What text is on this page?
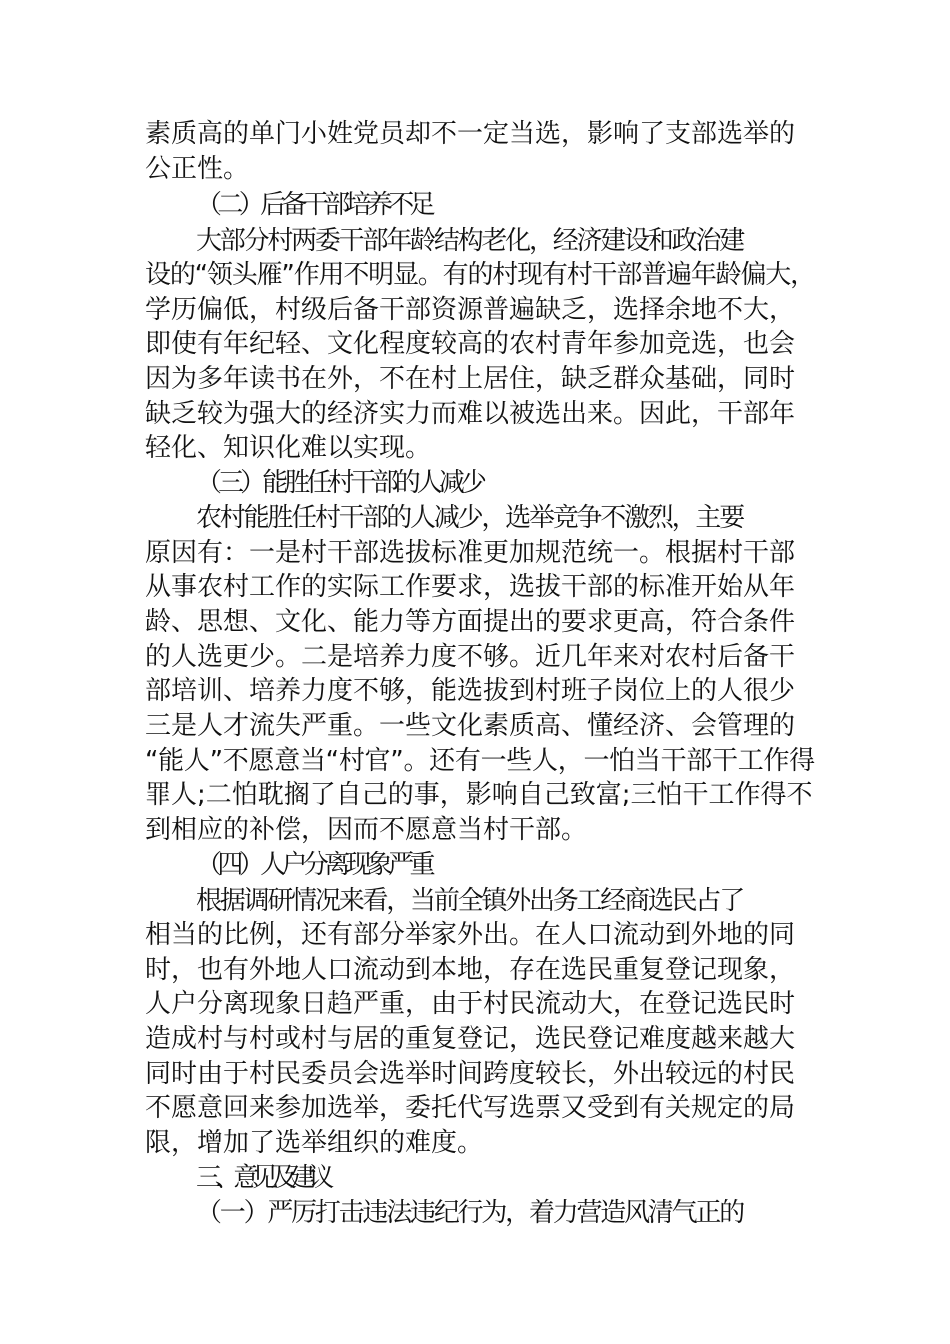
素质高的单门小姓党员却不一定当选，影响了支部选举的
公正性。
（二）后备干部培养不足
大部分村两委干部年龄结构老化，经济建设和政治建
设的“领头雁”作用不明显。有的村现有村干部普遍年龄偏大，
学历偏低，村级后备干部资源普遍缺乏，选择余地不大，
即使有年纪轻、文化程度较高的农村青年参加竞选，也会
因为多年读书在外，不在村上居住，缺乏群众基础，同时
缺乏较为强大的经济实力而难以被选出来。因此，干部年
轻化、知识化难以实现。
（三）能胜任村干部的人减少
农村能胜任村干部的人减少，选举竞争不激烈，主要
原因有：一是村干部选拔标准更加规范统一。根据村干部
从事农村工作的实际工作要求，选拔干部的标准开始从年
龄、思想、文化、能力等方面提出的要求更高，符合条件
的人选更少。二是培养力度不够。近几年来对农村后备干
部培训、培养力度不够，能选拔到村班子岗位上的人很少
三是人才流失严重。一些文化素质高、懂经济、会管理的
“能人”不愿意当“村官”。还有一些人，一怕当干部干工作得
罪人;二怕耽搁了自己的事，影响自己致富;三怕干工作得不
到相应的补偿，因而不愿意当村干部。
（四）人户分离现象严重
根据调研情况来看，当前全镇外出务工经商选民占了
相当的比例，还有部分举家外出。在人口流动到外地的同
时，也有外地人口流动到本地，存在选民重复登记现象，
人户分离现象日趋严重，由于村民流动大，在登记选民时
造成村与村或村与居的重复登记，选民登记难度越来越大
同时由于村民委员会选举时间跨度较长，外出较远的村民
不愿意回来参加选举，委托代写选票又受到有关规定的局
限，增加了选举组织的难度。
三、意见及建议
（一）严厉打击违法违纪行为，着力营造风清气正的
